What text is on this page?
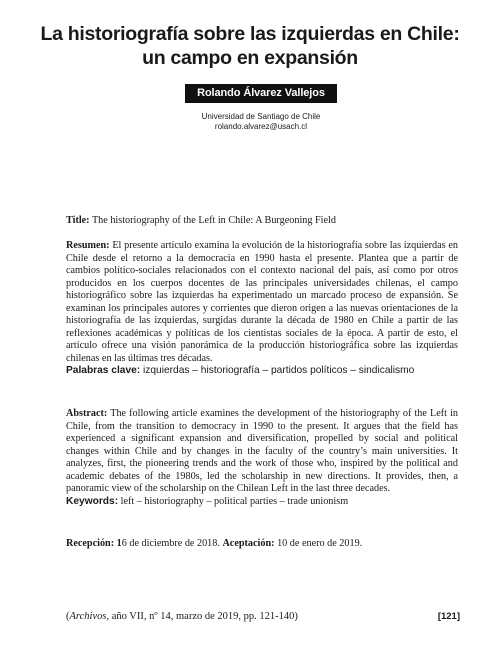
La historiografía sobre las izquierdas en Chile:
un campo en expansión
Rolando Álvarez Vallejos
Universidad de Santiago de Chile
rolando.alvarez@usach.cl
Title: The historiography of the Left in Chile: A Burgeoning Field
Resumen: El presente artículo examina la evolución de la historiografía sobre las izquierdas en Chile desde el retorno a la democracia en 1990 hasta el presente. Plantea que a partir de cambios político-sociales relacionados con el contexto nacional del país, así como por otros producidos en los cuerpos docentes de las principales universidades chilenas, el campo historiográfico sobre las izquierdas ha experimentado un marcado proceso de expansión. Se examinan los principales autores y corrientes que dieron origen a las nuevas orientaciones de la historiografía de las izquierdas, surgidas durante la década de 1980 en Chile a partir de las reflexiones académicas y políticas de los cientistas sociales de la época. A partir de esto, el artículo ofrece una visión panorámica de la producción historiográfica sobre las izquierdas chilenas en las últimas tres décadas.
Palabras clave: izquierdas – historiografía – partidos políticos – sindicalismo
Abstract: The following article examines the development of the historiography of the Left in Chile, from the transition to democracy in 1990 to the present. It argues that the field has experienced a significant expansion and diversification, propelled by social and political changes within Chile and by changes in the faculty of the country’s main universities. It analyzes, first, the pioneering trends and the work of those who, inspired by the political and academic debates of the 1980s, led the scholarship in new directions. It provides, then, a panoramic view of the scholarship on the Chilean Left in the last three decades.
Keywords: left – historiography – political parties – trade unionism
Recepción: 16 de diciembre de 2018. Aceptación: 10 de enero de 2019.
(Archivos, año VII, nº 14, marzo de 2019, pp. 121-140)	[121]
